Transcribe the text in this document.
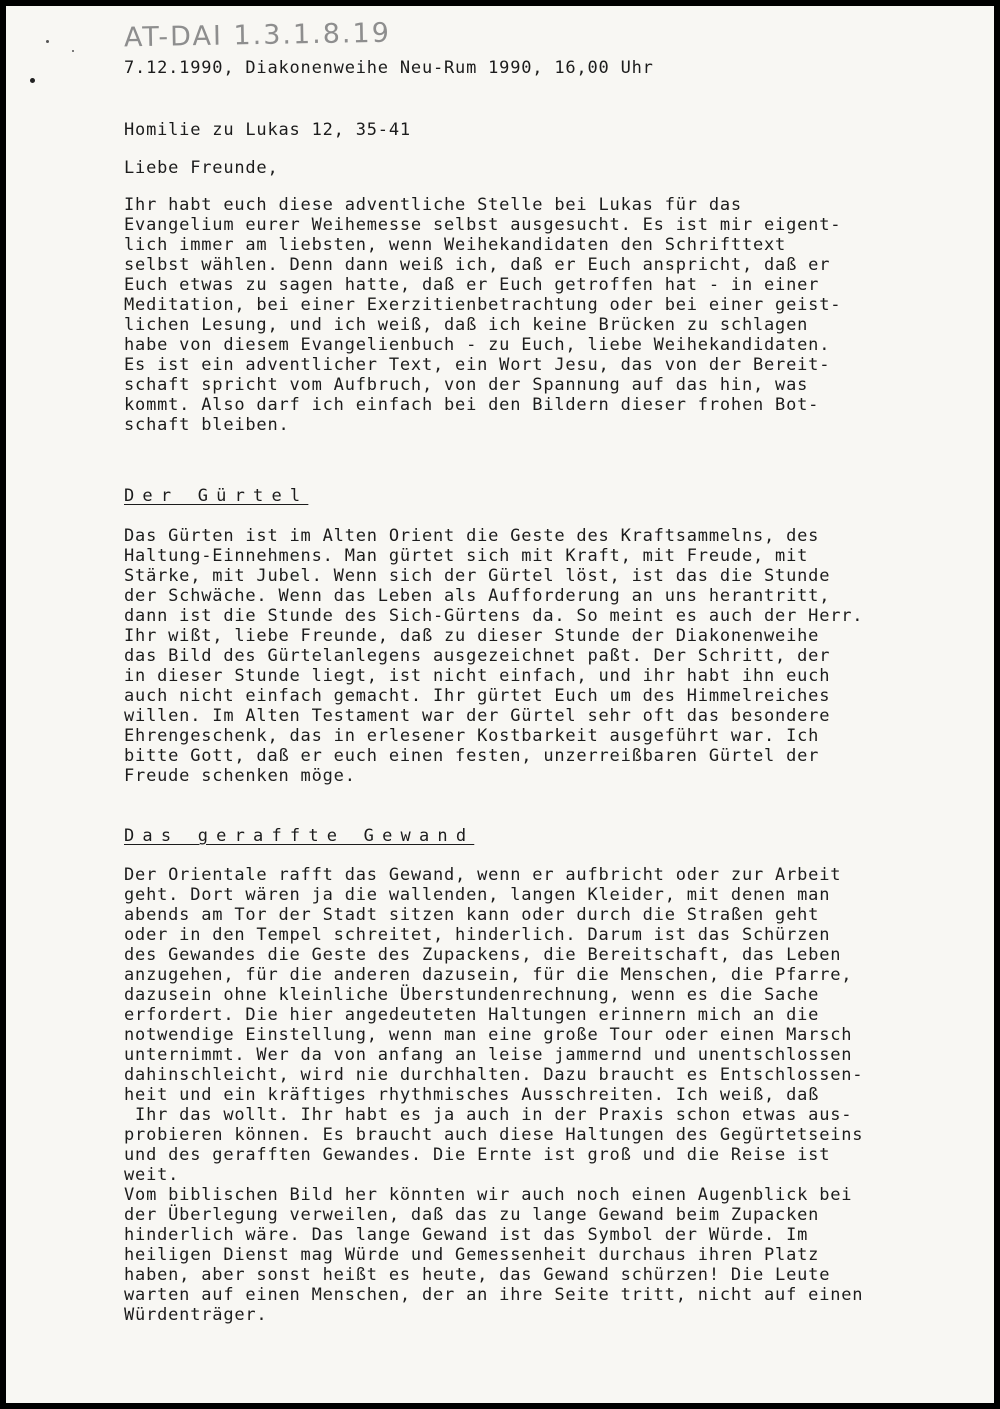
AT-DAI 1.3.1.8.19
7.12.1990, Diakonenweihe Neu-Rum 1990, 16,00 Uhr
Homilie zu Lukas 12, 35-41
Liebe Freunde,
Ihr habt euch diese adventliche Stelle bei Lukas für das
Evangelium eurer Weihemesse selbst ausgesucht. Es ist mir eigent-
lich immer am liebsten, wenn Weihekandidaten den Schrifttext
selbst wählen. Denn dann weiß ich, daß er Euch anspricht, daß er
Euch etwas zu sagen hatte, daß er Euch getroffen hat - in einer
Meditation, bei einer Exerzitienbetrachtung oder bei einer geist-
lichen Lesung, und ich weiß, daß ich keine Brücken zu schlagen
habe von diesem Evangelienbuch - zu Euch, liebe Weihekandidaten.
Es ist ein adventlicher Text, ein Wort Jesu, das von der Bereit-
schaft spricht vom Aufbruch, von der Spannung auf das hin, was
kommt. Also darf ich einfach bei den Bildern dieser frohen Bot-
schaft bleiben.
Der Gürtel
Das Gürten ist im Alten Orient die Geste des Kraftsammelns, des
Haltung-Einnehmens. Man gürtet sich mit Kraft, mit Freude, mit
Stärke, mit Jubel. Wenn sich der Gürtel löst, ist das die Stunde
der Schwäche. Wenn das Leben als Aufforderung an uns herantritt,
dann ist die Stunde des Sich-Gürtens da. So meint es auch der Herr.
Ihr wißt, liebe Freunde, daß zu dieser Stunde der Diakonenweihe
das Bild des Gürtelanlegens ausgezeichnet paßt. Der Schritt, der
in dieser Stunde liegt, ist nicht einfach, und ihr habt ihn euch
auch nicht einfach gemacht. Ihr gürtet Euch um des Himmelreiches
willen. Im Alten Testament war der Gürtel sehr oft das besondere
Ehrengeschenk, das in erlesener Kostbarkeit ausgeführt war. Ich
bitte Gott, daß er euch einen festen, unzerreißbaren Gürtel der
Freude schenken möge.
Das geraffte Gewand
Der Orientale rafft das Gewand, wenn er aufbricht oder zur Arbeit
geht. Dort wären ja die wallenden, langen Kleider, mit denen man
abends am Tor der Stadt sitzen kann oder durch die Straßen geht
oder in den Tempel schreitet, hinderlich. Darum ist das Schürzen
des Gewandes die Geste des Zupackens, die Bereitschaft, das Leben
anzugehen, für die anderen dazusein, für die Menschen, die Pfarre,
dazusein ohne kleinliche Überstundenrechnung, wenn es die Sache
erfordert. Die hier angedeuteten Haltungen erinnern mich an die
notwendige Einstellung, wenn man eine große Tour oder einen Marsch
unternimmt. Wer da von anfang an leise jammernd und unentschlossen
dahinschleicht, wird nie durchhalten. Dazu braucht es Entschlossen-
heit und ein kräftiges rhythmisches Ausschreiten. Ich weiß, daß
Ihr das wollt. Ihr habt es ja auch in der Praxis schon etwas aus-
probieren können. Es braucht auch diese Haltungen des Gegürtetseins
und des gerafften Gewandes. Die Ernte ist groß und die Reise ist
weit.
Vom biblischen Bild her könnten wir auch noch einen Augenblick bei
der Überlegung verweilen, daß das zu lange Gewand beim Zupacken
hinderlich wäre. Das lange Gewand ist das Symbol der Würde. Im
heiligen Dienst mag Würde und Gemessenheit durchaus ihren Platz
haben, aber sonst heißt es heute, das Gewand schürzen! Die Leute
warten auf einen Menschen, der an ihre Seite tritt, nicht auf einen
Würdenträger.
